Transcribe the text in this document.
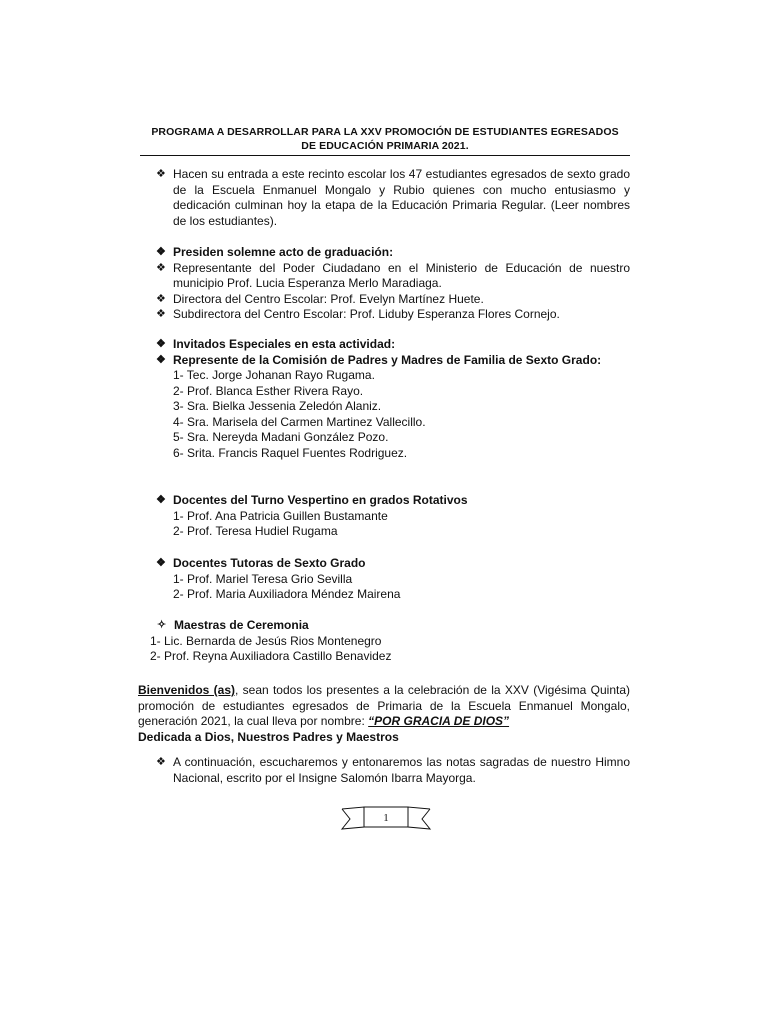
PROGRAMA A DESARROLLAR PARA LA XXV PROMOCIÓN DE ESTUDIANTES EGRESADOS
DE EDUCACIÓN PRIMARIA 2021.
❖ Hacen su entrada a este recinto escolar los 47 estudiantes egresados de sexto grado de la Escuela Enmanuel Mongalo y Rubio quienes con mucho entusiasmo y dedicación culminan hoy la etapa de la Educación Primaria Regular. (Leer nombres de los estudiantes).
❖ Presiden solemne acto de graduación:
❖ Representante del Poder Ciudadano en el Ministerio de Educación de nuestro municipio Prof. Lucia Esperanza Merlo Maradiaga.
❖ Directora del Centro Escolar: Prof. Evelyn Martínez Huete.
❖ Subdirectora del Centro Escolar: Prof. Liduby Esperanza Flores Cornejo.
❖ Invitados Especiales en esta actividad:
❖ Represente de la Comisión de Padres y Madres de Familia de Sexto Grado:
1- Tec. Jorge Johanan Rayo Rugama.
2- Prof. Blanca Esther Rivera Rayo.
3- Sra. Bielka Jessenia Zeledón Alaniz.
4- Sra. Marisela del Carmen Martinez Vallecillo.
5- Sra. Nereyda Madani González Pozo.
6- Srita. Francis Raquel Fuentes Rodriguez.
❖ Docentes del Turno Vespertino en grados Rotativos
1- Prof. Ana Patricia Guillen Bustamante
2- Prof. Teresa Hudiel Rugama
❖ Docentes Tutoras de Sexto Grado
1- Prof. Mariel Teresa Grio Sevilla
2- Prof. Maria Auxiliadora Méndez Mairena
✧ Maestras de Ceremonia
1- Lic. Bernarda de Jesús Rios Montenegro
2- Prof. Reyna Auxiliadora Castillo Benavidez
Bienvenidos (as), sean todos los presentes a la celebración de la XXV (Vigésima Quinta) promoción de estudiantes egresados de Primaria de la Escuela Enmanuel Mongalo, generación 2021, la cual lleva por nombre: “POR GRACIA DE DIOS”
Dedicada a Dios, Nuestros Padres y Maestros
❖ A continuación, escucharemos y entonaremos las notas sagradas de nuestro Himno Nacional, escrito por el Insigne Salomón Ibarra Mayorga.
1
